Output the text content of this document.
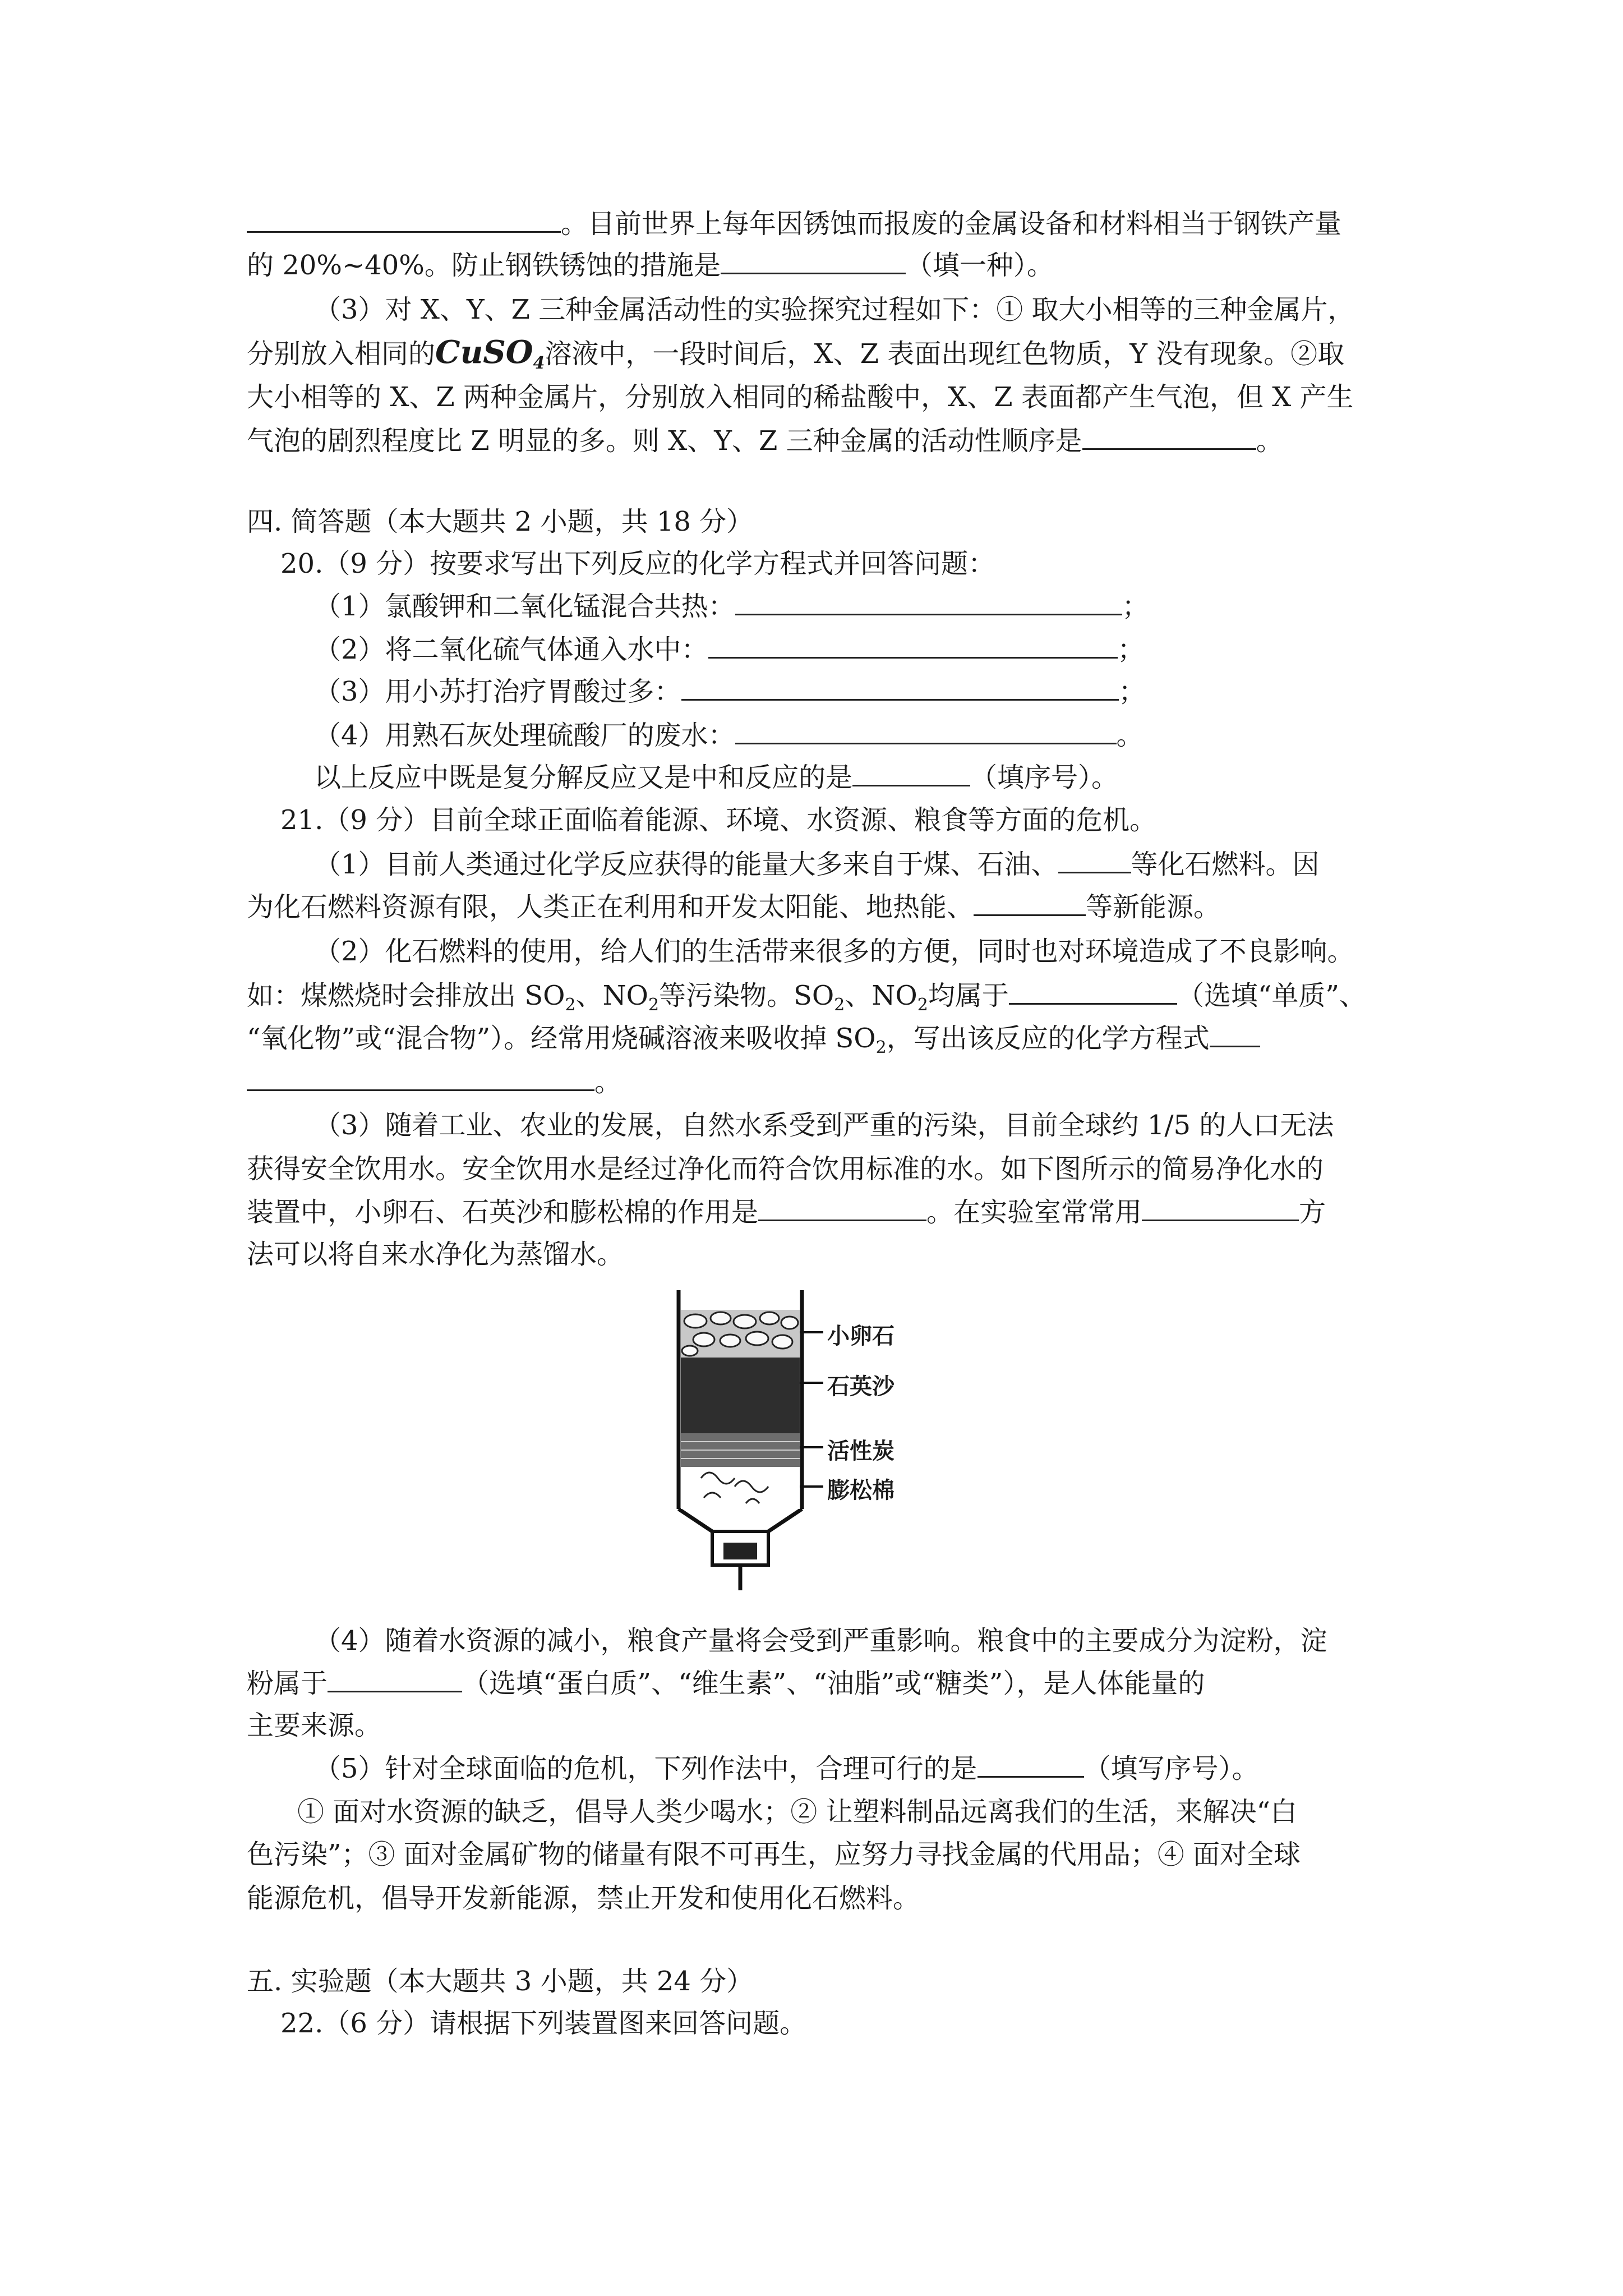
。目前世界上每年因锈蚀而报废的金属设备和材料相当于钢铁产量
的 20%~40%。防止钢铁锈蚀的措施是	（填一种）。
（3）对 X、Y、Z 三种金属活动性的实验探究过程如下：① 取大小相等的三种金属片，
分别放入相同的CuSO$_4$溶液中，一段时间后，X、Z 表面出现红色物质，Y 没有现象。②取
大小相等的 X、Z 两种金属片，分别放入相同的稀盐酸中，X、Z 表面都产生气泡，但 X 产生
气泡的剧烈程度比 Z 明显的多。则 X、Y、Z 三种金属的活动性顺序是	。
四. 简答题（本大题共 2 小题，共 18 分）
20.（9 分）按要求写出下列反应的化学方程式并回答问题：
（1）氯酸钾和二氧化锰混合共热：	；
（2）将二氧化硫气体通入水中：	；
（3）用小苏打治疗胃酸过多：	；
（4）用熟石灰处理硫酸厂的废水：	。
以上反应中既是复分解反应又是中和反应的是	（填序号）。
21.（9 分）目前全球正面临着能源、环境、水资源、粮食等方面的危机。
（1）目前人类通过化学反应获得的能量大多来自于煤、石油、	等化石燃料。因
为化石燃料资源有限，人类正在利用和开发太阳能、地热能、	等新能源。
（2）化石燃料的使用，给人们的生活带来很多的方便，同时也对环境造成了不良影响。
如：煤燃烧时会排放出 $SO_2$、$NO_2$等污染物。$SO_2$、$NO_2$均属于	（选填“单质”、
“氧化物”或“混合物”）。经常用烧碱溶液来吸收掉 $SO_2$，写出该反应的化学方程式
。
（3）随着工业、农业的发展，自然水系受到严重的污染，目前全球约 1/5 的人口无法
获得安全饮用水。安全饮用水是经过净化而符合饮用标准的水。如下图所示的简易净化水的
装置中，小卵石、石英沙和膨松棉的作用是	。在实验室常常用	方
法可以将自来水净化为蒸馏水。
小卵石
石英沙
活性炭
膨松棉
（4）随着水资源的减小，粮食产量将会受到严重影响。粮食中的主要成分为淀粉，淀
粉属于	（选填“蛋白质”、“维生素”、“油脂”或“糖类”），是人体能量的
主要来源。
（5）针对全球面临的危机，下列作法中，合理可行的是	（填写序号）。
① 面对水资源的缺乏，倡导人类少喝水；② 让塑料制品远离我们的生活，来解决“白
色污染”；③ 面对金属矿物的储量有限不可再生，应努力寻找金属的代用品；④ 面对全球
能源危机，倡导开发新能源，禁止开发和使用化石燃料。
五. 实验题（本大题共 3 小题，共 24 分）
22.（6 分）请根据下列装置图来回答问题。
